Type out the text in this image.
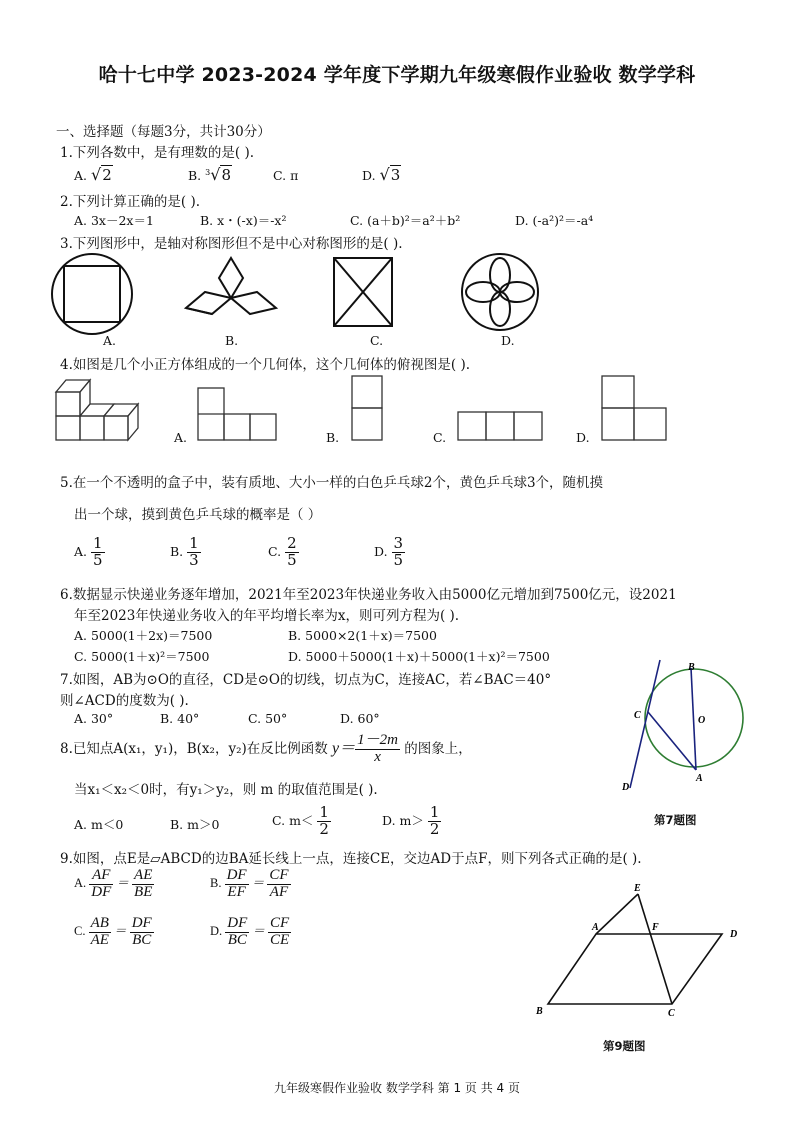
哈十七中学 2023-2024 学年度下学期九年级寒假作业验收 数学学科
一、选择题（每题3分，共计30分）
1.下列各数中，是有理数的是( ).
A. √2	B. $^3$√8	C. π	D. √3
2.下列计算正确的是( ).
A. 3x－2x＝1	B. x・(-x)＝-x²	C. (a＋b)²＝a²＋b²	D. (-a²)²＝-a⁴
3.下列图形中，是轴对称图形但不是中心对称图形的是( ).
A.	B.	C.	D.
4.如图是几个小正方体组成的一个几何体，这个几何体的俯视图是( ).
A.	B.	C.	D.
5.在一个不透明的盒子中，装有质地、大小一样的白色乒乓球2个，黄色乒乓球3个，随机摸
出一个球，摸到黄色乒乓球的概率是（ ）
A. $\frac{1}{5}$	B. $\frac{1}{3}$	C. $\frac{2}{5}$	D. $\frac{3}{5}$
6.数据显示快递业务逐年增加，2021年至2023年快递业务收入由5000亿元增加到7500亿元，设2021
年至2023年快递业务收入的年平均增长率为x，则可列方程为( ).
A. 5000(1＋2x)＝7500	B. 5000×2(1＋x)＝7500
C. 5000(1＋x)²＝7500	D. 5000＋5000(1＋x)＋5000(1＋x)²＝7500
7.如图，AB为⊙O的直径，CD是⊙O的切线，切点为C，连接AC，若∠BAC＝40°
则∠ACD的度数为( ).
A. 30°	B. 40°	C. 50°	D. 60°
B
O
C
A
D
第7题图
8.已知点A(x₁，y₁)，B(x₂，y₂)在反比例函数 $y= \frac{1-2m}{x}$ 的图象上，
当x₁＜x₂＜0时，有y₁＞y₂，则 m 的取值范围是( ).
A. m＜0	B. m＞0	C. $m< \frac{1}{2}$	D. $m> \frac{1}{2}$
9.如图，点E是▱ABCD的边BA延长线上一点，连接CE，交边AD于点F，则下列各式正确的是( ).
A. $\frac{AF}{DF} = \frac{AE}{BE}$	B. $\frac{DF}{EF} = \frac{CF}{AF}$
C. $\frac{AB}{AE} = \frac{DF}{BC}$	D. $\frac{DF}{BC} = \frac{CF}{CE}$
E
A	F
D
B	C
第9题图
九年级寒假作业验收 数学学科 第 1 页 共 4 页
